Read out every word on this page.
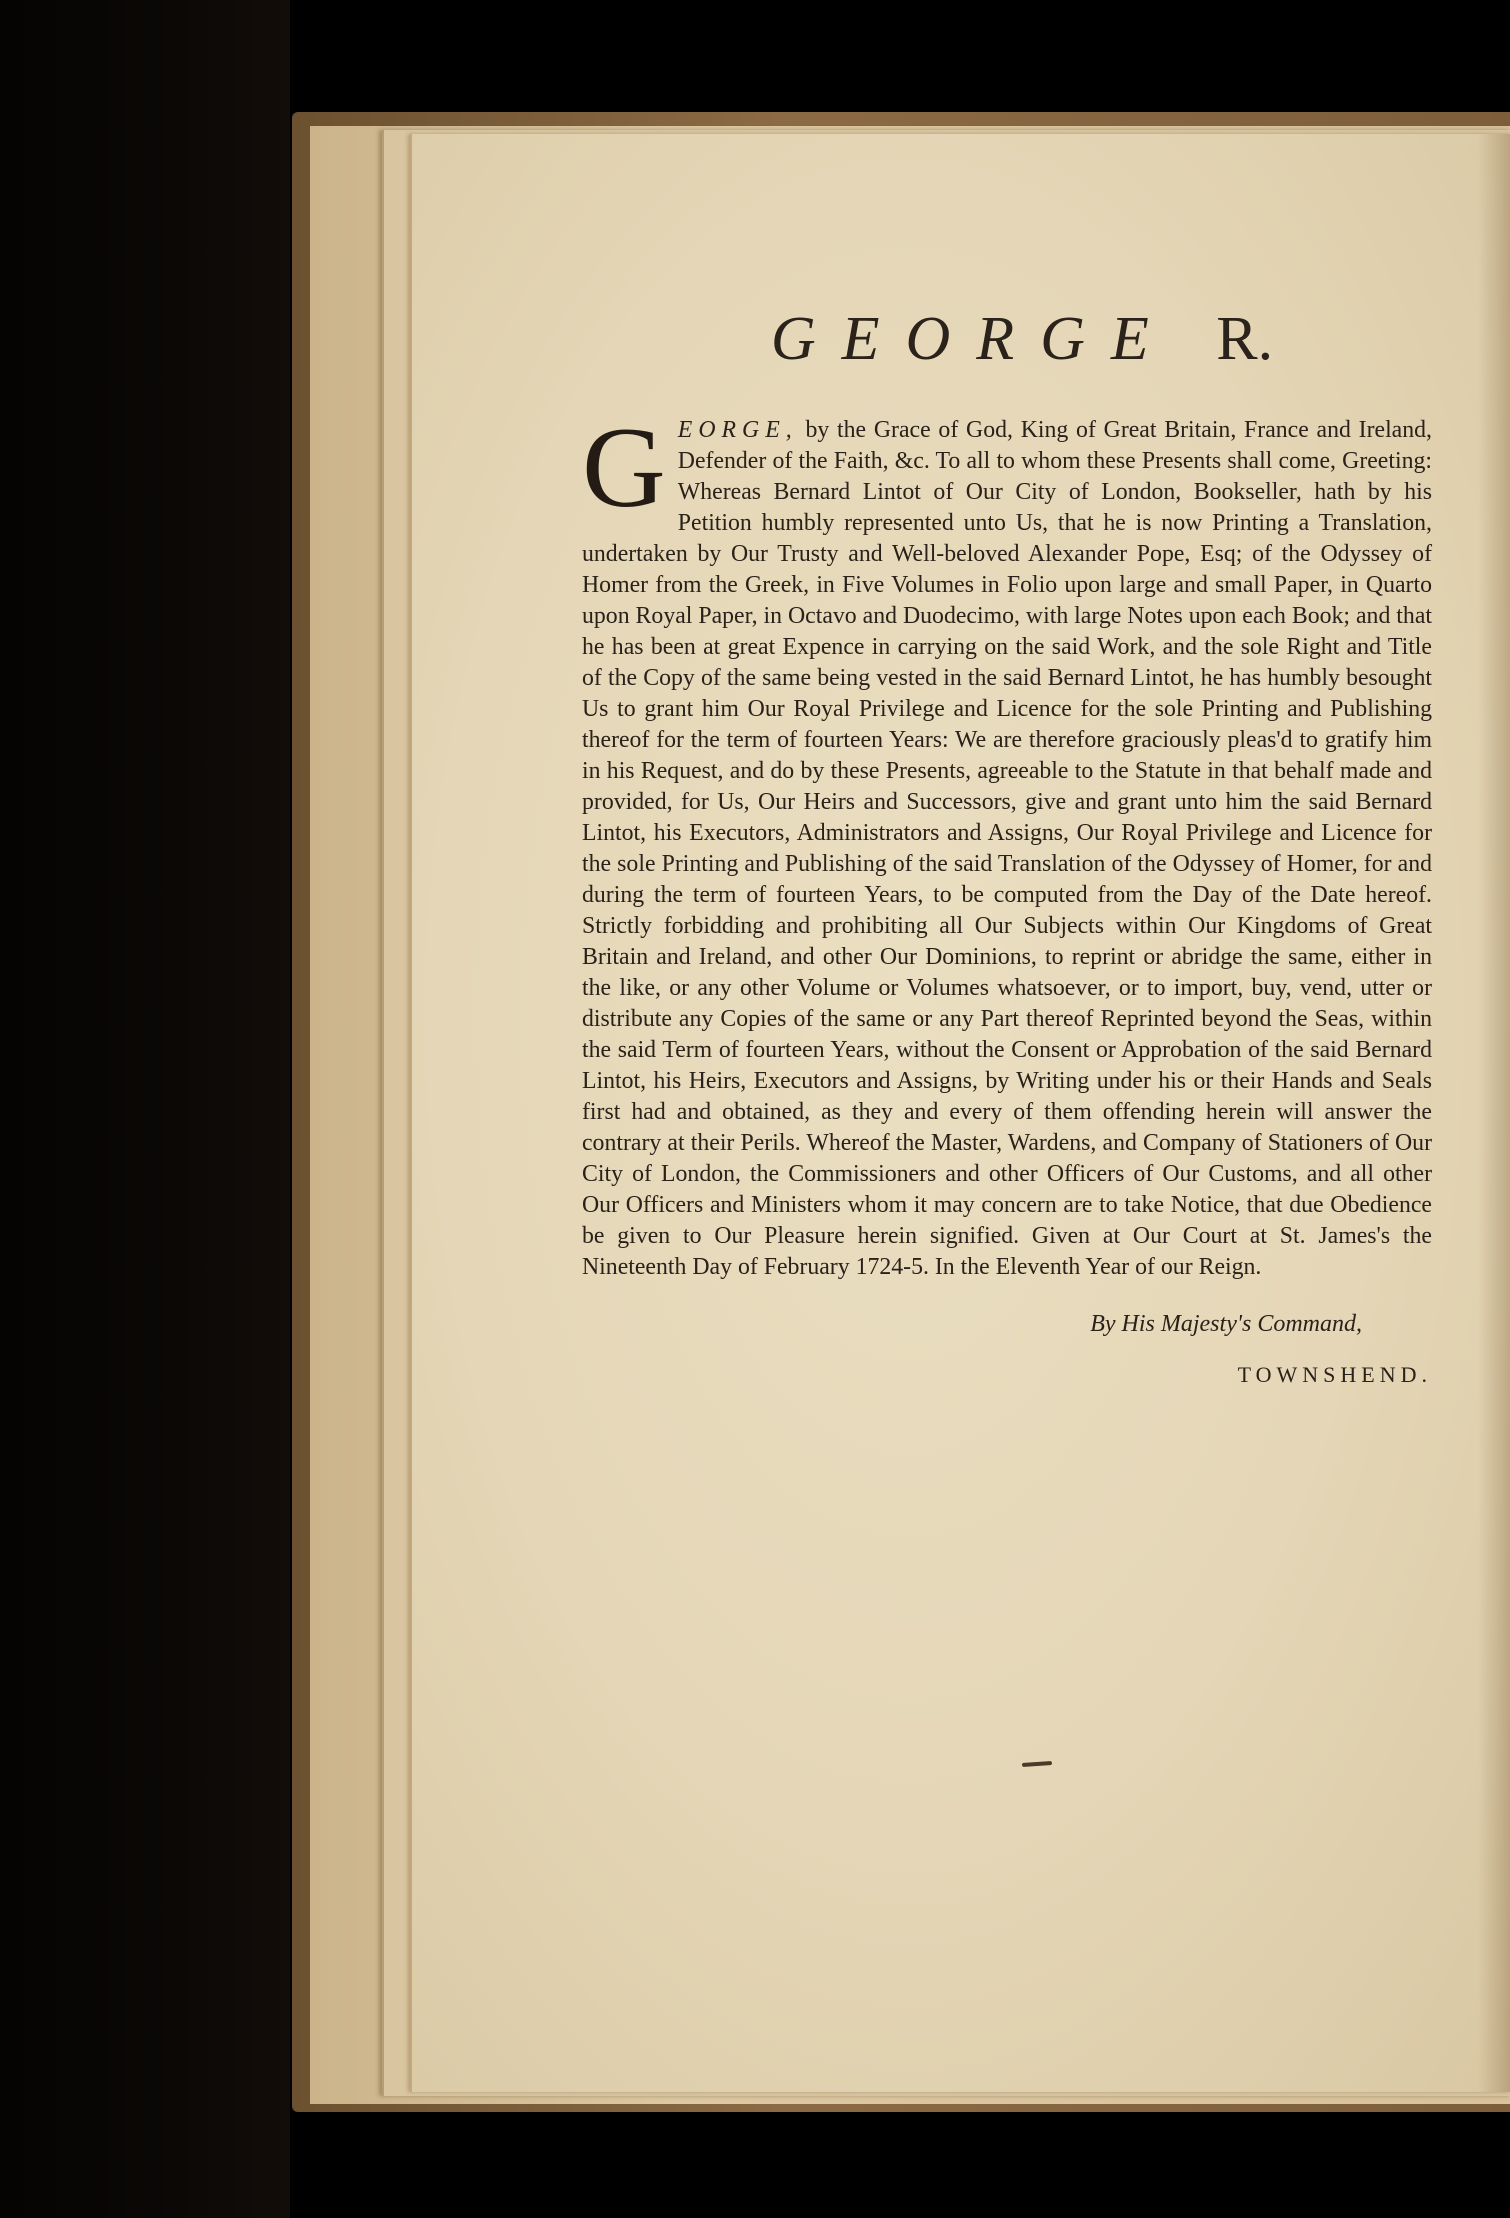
GEORGE R.

GEORGE, by the Grace of God, King of Great Britain, France and Ireland, Defender of the Faith, &c. To all to whom these Presents shall come, Greeting: Whereas Bernard Lintot of Our City of London, Bookseller, hath by his Petition humbly represented unto Us, that he is now Printing a Translation, undertaken by Our Trusty and Well-beloved Alexander Pope, Esq; of the Odyssey of Homer from the Greek, in Five Volumes in Folio upon large and small Paper, in Quarto upon Royal Paper, in Octavo and Duodecimo, with large Notes upon each Book; and that he has been at great Expence in carrying on the said Work, and the sole Right and Title of the Copy of the same being vested in the said Bernard Lintot, he has humbly besought Us to grant him Our Royal Privilege and Licence for the sole Printing and Publishing thereof for the term of fourteen Years: We are therefore graciously pleas'd to gratify him in his Request, and do by these Presents, agreeable to the Statute in that behalf made and provided, for Us, Our Heirs and Successors, give and grant unto him the said Bernard Lintot, his Executors, Administrators and Assigns, Our Royal Privilege and Licence for the sole Printing and Publishing of the said Translation of the Odyssey of Homer, for and during the term of fourteen Years, to be computed from the Day of the Date hereof. Strictly forbidding and prohibiting all Our Subjects within Our Kingdoms of Great Britain and Ireland, and other Our Dominions, to reprint or abridge the same, either in the like, or any other Volume or Volumes whatsoever, or to import, buy, vend, utter or distribute any Copies of the same or any Part thereof Reprinted beyond the Seas, within the said Term of fourteen Years, without the Consent or Approbation of the said Bernard Lintot, his Heirs, Executors and Assigns, by Writing under his or their Hands and Seals first had and obtained, as they and every of them offending herein will answer the contrary at their Perils. Whereof the Master, Wardens, and Company of Stationers of Our City of London, the Commissioners and other Officers of Our Customs, and all other Our Officers and Ministers whom it may concern are to take Notice, that due Obedience be given to Our Pleasure herein signified. Given at Our Court at St. James's the Nineteenth Day of February 1724-5. In the Eleventh Year of our Reign.

By His Majesty's Command,
TOWNSHEND.
